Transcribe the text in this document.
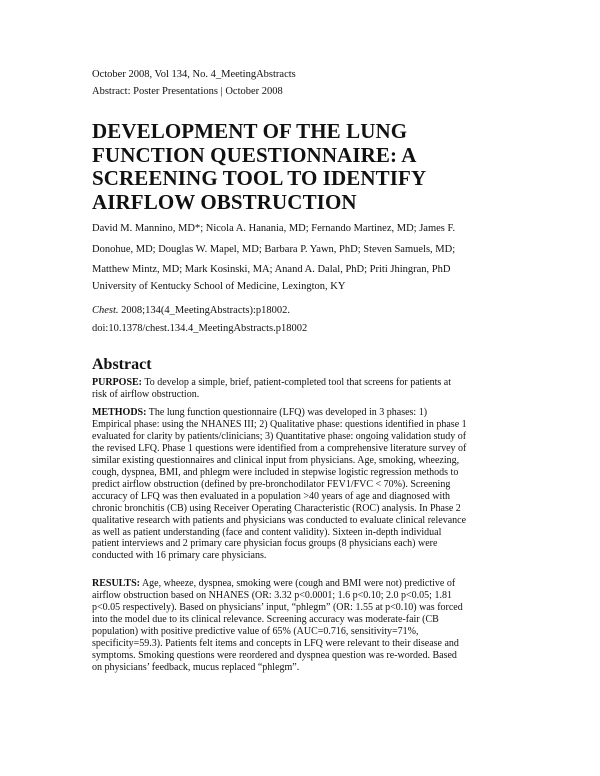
October 2008, Vol 134, No. 4_MeetingAbstracts
Abstract: Poster Presentations | October 2008
DEVELOPMENT OF THE LUNG
FUNCTION QUESTIONNAIRE: A
SCREENING TOOL TO IDENTIFY
AIRFLOW OBSTRUCTION
David M. Mannino, MD*; Nicola A. Hanania, MD; Fernando Martinez, MD; James F.
Donohue, MD; Douglas W. Mapel, MD; Barbara P. Yawn, PhD; Steven Samuels, MD;
Matthew Mintz, MD; Mark Kosinski, MA; Anand A. Dalal, PhD; Priti Jhingran, PhD
University of Kentucky School of Medicine, Lexington, KY
Chest. 2008;134(4_MeetingAbstracts):p18002.
doi:10.1378/chest.134.4_MeetingAbstracts.p18002
Abstract

PURPOSE: To develop a simple, brief, patient-completed tool that screens for patients at
risk of airflow obstruction.

METHODS: The lung function questionnaire (LFQ) was developed in 3 phases: 1)
Empirical phase: using the NHANES III; 2) Qualitative phase: questions identified in phase 1
evaluated for clarity by patients/clinicians; 3) Quantitative phase: ongoing validation study of
the revised LFQ. Phase 1 questions were identified from a comprehensive literature survey of
similar existing questionnaires and clinical input from physicians. Age, smoking, wheezing,
cough, dyspnea, BMI, and phlegm were included in stepwise logistic regression methods to
predict airflow obstruction (defined by pre-bronchodilator FEV1/FVC < 70%). Screening
accuracy of LFQ was then evaluated in a population >40 years of age and diagnosed with
chronic bronchitis (CB) using Receiver Operating Characteristic (ROC) analysis. In Phase 2
qualitative research with patients and physicians was conducted to evaluate clinical relevance
as well as patient understanding (face and content validity). Sixteen in-depth individual
patient interviews and 2 primary care physician focus groups (8 physicians each) were
conducted with 16 primary care physicians.

RESULTS: Age, wheeze, dyspnea, smoking were (cough and BMI were not) predictive of
airflow obstruction based on NHANES (OR: 3.32 p<0.0001; 1.6 p<0.10; 2.0 p<0.05; 1.81
p<0.05 respectively). Based on physicians’ input, “phlegm” (OR: 1.55 at p<0.10) was forced
into the model due to its clinical relevance. Screening accuracy was moderate-fair (CB
population) with positive predictive value of 65% (AUC=0.716, sensitivity=71%,
specificity=59.3). Patients felt items and concepts in LFQ were relevant to their disease and
symptoms. Smoking questions were reordered and dyspnea question was re-worded. Based
on physicians’ feedback, mucus replaced “phlegm”.
